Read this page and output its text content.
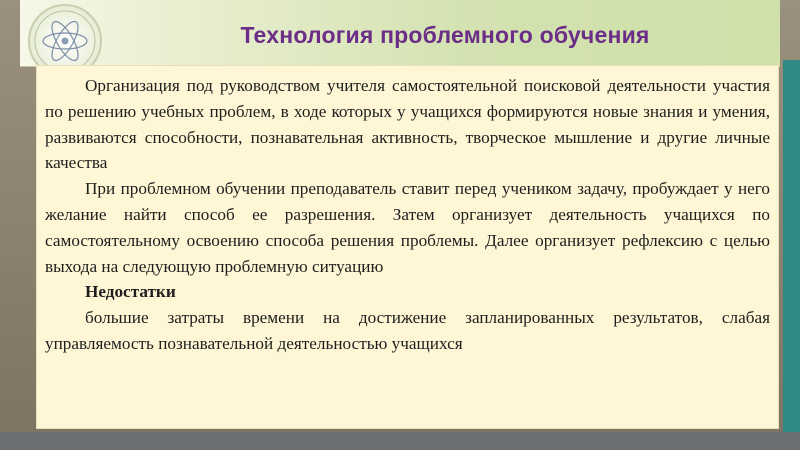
Технология проблемного обучения

Организация под руководством учителя самостоятельной поисковой деятельности участия по решению учебных проблем, в ходе которых у учащихся формируются новые знания и умения, развиваются способности, познавательная активность, творческое мышление и другие личные качества

При проблемном обучении преподаватель ставит перед учеником задачу, пробуждает у него желание найти способ ее разрешения. Затем организует деятельность учащихся по самостоятельному освоению способа решения проблемы. Далее организует рефлексию с целью выхода на следующую проблемную ситуацию

Недостатки

большие затраты времени на достижение запланированных результатов, слабая управляемость познавательной деятельностью учащихся
